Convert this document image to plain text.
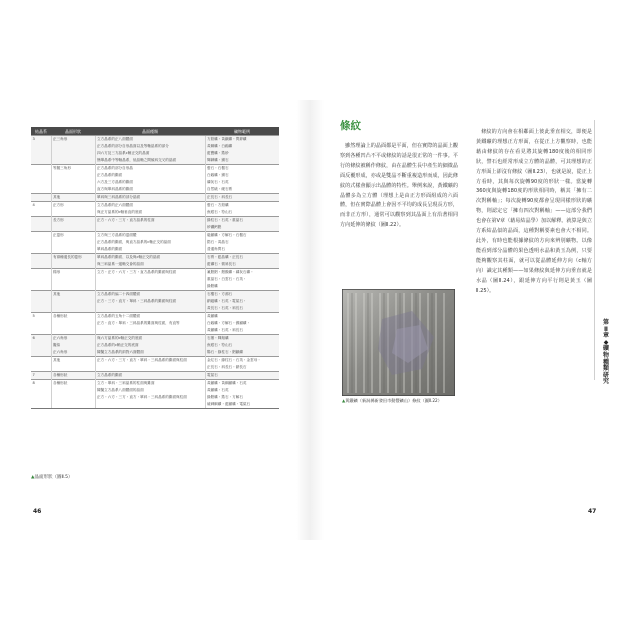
結晶系	晶面形狀	晶面種類	礦物範例
3	正三角形	立方晶系的正八面體面	方鉛礦・黃鐵礦・閃鋅礦
		正方晶系的部分自形晶面以及等軸晶系的部分	黃銅礦・白鎢礦
		四六方及三方晶系c軸正交的晶面	藍寶礦・鋯砂
		簡單晶系中等軸晶系，低晶軸之間傾斜交叉的晶面	輝銻礦・錫石
	等腰三角形	正方晶系的部分自形晶	螢石・石榴石
		正方晶系的錐面	白鎢礦・錫石
		六方及三方晶系的錐面	磷灰石・石英
		直方與單斜晶系的錐面	自然硫・硬石膏
	其他	單斜與三斜晶系的部分晶面	正長石・斜長石
4	正方形	立方晶系的正六面體面	螢石・方鉛礦
		與正方晶系的c軸垂直的底面	魚眼石・符山石
	長方形	正方・六方・三方・直方晶系的柱面	綠柱石・石英・重晶石
			矽硼鈣鋁
	正菱形	立方與三方晶系的菱面體	磁鐵礦・方解石・石榴石
		正方晶系的錐面，與直方晶系的c軸正交的晶面	鋯石・黃晶石
		單斜晶系的錐面	普通角閃石
	有兩種邊長的菱形	單斜晶系的錐面、以及與c軸正交的晶面	石膏・藍晶礦・正長石
		與三斜晶系一邊軸交會的晶面	藍礦石・微斜長石
	梯形	立方・正方・六方・三方・直方晶系的錐面與柱面	氟鋁鋁・鋁酸礦・磷灰石礦・
			重晶石・白雲石・石英・
			綠鋁礦
	其他	立方晶系的偏二十四面體面	石榴石・方沸石
		正方・三方・直方・單斜・三斜晶系的錐面與柱面	鈉磁礦・石英・電氣石・
			黃長石・石英・斜長石
5	各種形狀	立方晶系的五角十二面體面	黃鐵礦
		正方・直方・單斜・三斜晶系的錐面與柱面，有直等	白鎢礦・方解石・錫鐵礦・
			黃鐵礦・石英・斜長石
6	正六角形	與六方晶系的c軸正交的底面	石墨・輝鉬礦
	擬似	正方晶系的c軸正交的底面	魚眼石・符山石
	正六角形	陳擬立方晶系的兩對六面體面	陽石・綠柱石・鋁鐵礦
	其他	正方・六方・三方・直方・單斜・三斜晶系的錐面與柱面	金紅石・綠柱石・石英・金雲母・
			正長石・斜長石・鈉長石
7	各種形狀	立方晶系的錐面	電氣石
8	各種形狀	立方・單斜・三斜晶系的柱面與錐面	黃鐵礦・黃銅鐵礦・石英
		陳擬立方晶系八面體面的晶面	黃鐵礦・石英
		正方・六方・三方・直方・單斜・三斜晶系的錐面與柱面	綠鋁礦・鋯石・方解石
			硫砷銅礦・藍鐵礦・電氣石
▲晶面形狀（圖Ⅱ.5）
46
條紋

雖然理論上的晶面都是平面，但在實際的晶面上觀察到各種凹凸不平或條紋的話是很正常的一件事。平行的條紋被稱作條紋，由在晶體生長中產生的細微晶面反覆形成，亦或是雙晶不斷重複造形而成，因此條紋的式樣會顯示出晶體的特性。舉例來說，黃鐵礦的晶體多為立方體（理想上是由正方形面組成的六面體，但在實際晶體上會因不平均的成長呈現長方形，而非正方形），通常可以觀察到其晶面上有沿著相同方向延伸的條紋（圖Ⅱ.22）。

▲黃鐵礦（新潟縣新發田市動豐礦山）條紋（圖Ⅱ.22）

條紋的方向會在相鄰面上彼此垂直相交，即便是黃鐵礦的理想正方形面，在從正上方觀察時，也能藉由條紋的存在看見將其旋轉180度後的相同形狀，譬石也經常形成立方體的晶體，可其理想的正方形面上卻沒有條紋（圖Ⅱ.23），也就是說，從正上方看時，其與每次旋轉90度的形狀一樣。當旋轉360度與旋轉180度的形狀相同時，稱其「擁有二次對稱軸」；每次旋轉90度都會呈現同樣形狀的礦物，則認定它「擁有四次對稱軸」——這部分我們也會在第Ⅴ章（藉易結晶學）加以解釋。就算是與立方系結晶似的晶面，這種對稱要素也會大不相同。此外，有時也能根據條紋的方向來辨別礦物。以像能看到部分晶體的果色透明水晶和黃玉為例，只要能夠觀察其柱面，就可以從晶體延伸方向（c軸方向）識定其種類——如果條紋與延伸方向垂直就是水晶（圖Ⅱ.24），跟延伸方向平行則是黃玉（圖Ⅱ.25）。

第Ⅱ章◆礦物種類研究
47
